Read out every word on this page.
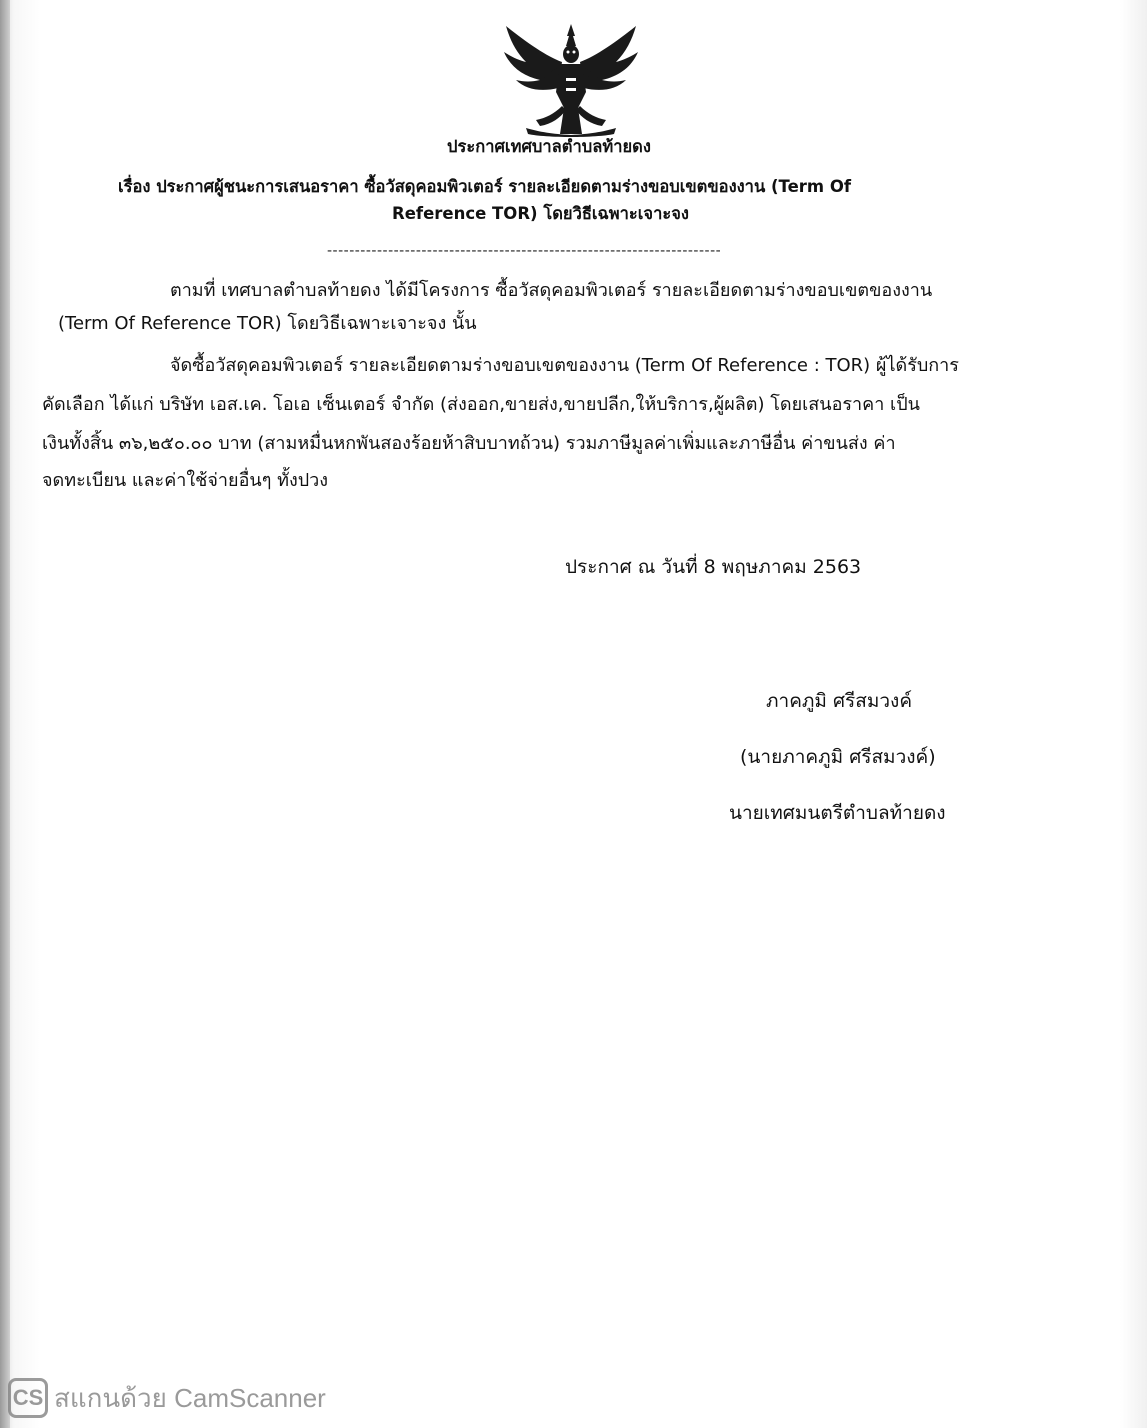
ประกาศเทศบาลตำบลท้ายดง
เรื่อง ประกาศผู้ชนะการเสนอราคา ซื้อวัสดุคอมพิวเตอร์ รายละเอียดตามร่างขอบเขตของงาน (Term Of
Reference TOR) โดยวิธีเฉพาะเจาะจง
-----------------------------------------------------------------------
ตามที่ เทศบาลตำบลท้ายดง ได้มีโครงการ ซื้อวัสดุคอมพิวเตอร์ รายละเอียดตามร่างขอบเขตของงาน
(Term Of Reference TOR) โดยวิธีเฉพาะเจาะจง นั้น
จัดซื้อวัสดุคอมพิวเตอร์ รายละเอียดตามร่างขอบเขตของงาน (Term Of Reference : TOR) ผู้ได้รับการ
คัดเลือก ได้แก่ บริษัท เอส.เค. โอเอ เซ็นเตอร์ จำกัด (ส่งออก,ขายส่ง,ขายปลีก,ให้บริการ,ผู้ผลิต) โดยเสนอราคา เป็น
เงินทั้งสิ้น ๓๖,๒๕๐.๐๐ บาท (สามหมื่นหกพันสองร้อยห้าสิบบาทถ้วน) รวมภาษีมูลค่าเพิ่มและภาษีอื่น ค่าขนส่ง ค่า
จดทะเบียน และค่าใช้จ่ายอื่นๆ ทั้งปวง
ประกาศ ณ วันที่ 8 พฤษภาคม 2563
ภาคภูมิ ศรีสมวงค์
(นายภาคภูมิ ศรีสมวงค์)
นายเทศมนตรีตำบลท้ายดง
CS สแกนด้วย CamScanner
